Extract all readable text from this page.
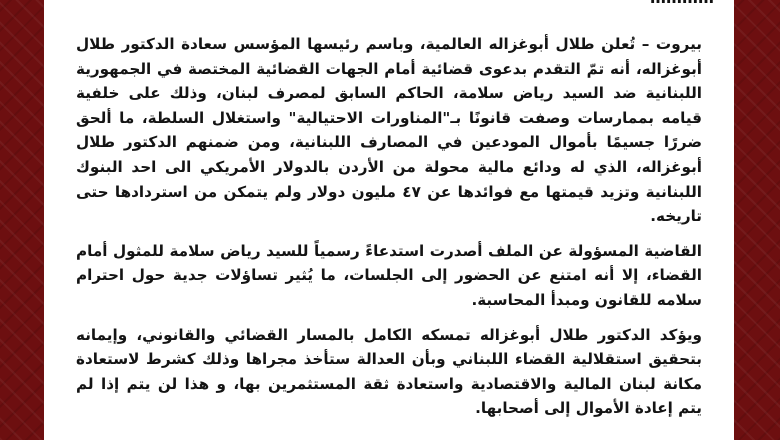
بيروت – تُعلن طلال أبوغزاله العالمية، وباسم رئيسها المؤسس سعادة الدكتور طلال أبوغزاله، أنه تمّ التقدم بدعوى قضائية أمام الجهات القضائية المختصة في الجمهورية اللبنانية ضد السيد رياض سلامة، الحاكم السابق لمصرف لبنان، وذلك على خلفية قيامه بممارسات وصفت قانونًا بـ"المناورات الاحتيالية" واستغلال السلطة، ما ألحق ضررًا جسيمًا بأموال المودعين في المصارف اللبنانية، ومن ضمنهم الدكتور طلال أبوغزاله، الذي له ودائع مالية محولة من الأردن بالدولار الأمريكي الى احد البنوك اللبنانية وتزيد قيمتها مع فوائدها عن ٤٧ مليون دولار ولم يتمكن من استردادها حتى تاريخه.

القاضية المسؤولة عن الملف أصدرت استدعاءً رسمياً للسيد رياض سلامة للمثول أمام القضاء، إلا أنه امتنع عن الحضور إلى الجلسات، ما يُثير تساؤلات جدية حول احترام سلامه للقانون ومبدأ المحاسبة.

ويؤكد الدكتور طلال أبوغزاله تمسكه الكامل بالمسار القضائي والقانوني، وإيمانه بتحقيق استقلالية القضاء اللبناني وبأن العدالة ستأخذ مجراها وذلك كشرط لاستعادة مكانة لبنان المالية والاقتصادية واستعادة ثقة المستثمرين بها، و هذا لن يتم إذا لم يتم إعادة الأموال إلى أصحابها.
